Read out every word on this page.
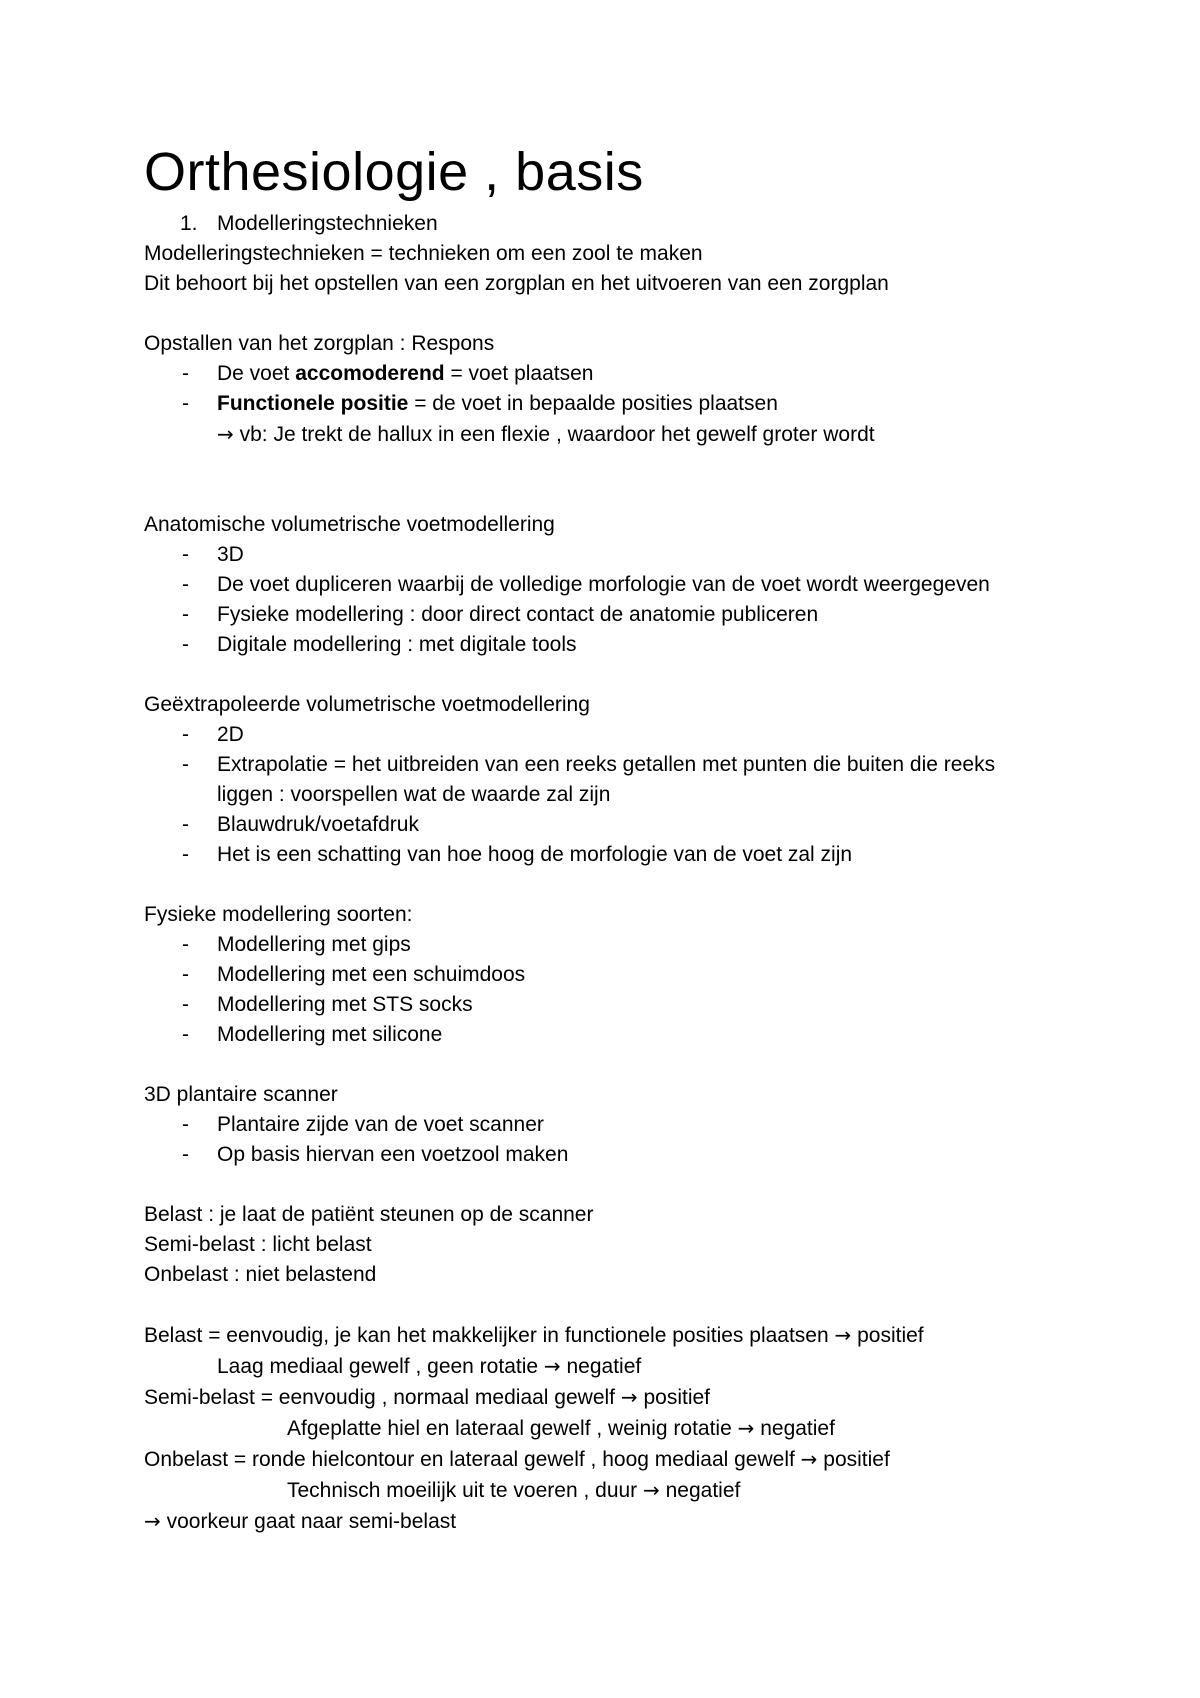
Orthesiologie , basis
1. Modelleringstechnieken
Modelleringstechnieken = technieken om een zool te maken
Dit behoort bij het opstellen van een zorgplan en het uitvoeren van een zorgplan
Opstallen van het zorgplan : Respons
- De voet accomoderend = voet plaatsen
- Functionele positie = de voet in bepaalde posities plaatsen
→ vb: Je trekt de hallux in een flexie , waardoor het gewelf groter wordt
Anatomische volumetrische voetmodellering
- 3D
- De voet dupliceren waarbij de volledige morfologie van de voet wordt weergegeven
- Fysieke modellering : door direct contact de anatomie publiceren
- Digitale modellering : met digitale tools
Geëxtrapoleerde volumetrische voetmodellering
- 2D
- Extrapolatie = het uitbreiden van een reeks getallen met punten die buiten die reeks liggen : voorspellen wat de waarde zal zijn
- Blauwdruk/voetafdruk
- Het is een schatting van hoe hoog de morfologie van de voet zal zijn
Fysieke modellering soorten:
- Modellering met gips
- Modellering met een schuimdoos
- Modellering met STS socks
- Modellering met silicone
3D plantaire scanner
- Plantaire zijde van de voet scanner
- Op basis hiervan een voetzool maken
Belast : je laat de patiënt steunen op de scanner
Semi-belast : licht belast
Onbelast : niet belastend
Belast = eenvoudig, je kan het makkelijker in functionele posities plaatsen → positief
Laag mediaal gewelf , geen rotatie → negatief
Semi-belast = eenvoudig , normaal mediaal gewelf → positief
Afgeplatte hiel en lateraal gewelf , weinig rotatie → negatief
Onbelast = ronde hielcontour en lateraal gewelf , hoog mediaal gewelf → positief
Technisch moeilijk uit te voeren , duur → negatief
→ voorkeur gaat naar semi-belast
